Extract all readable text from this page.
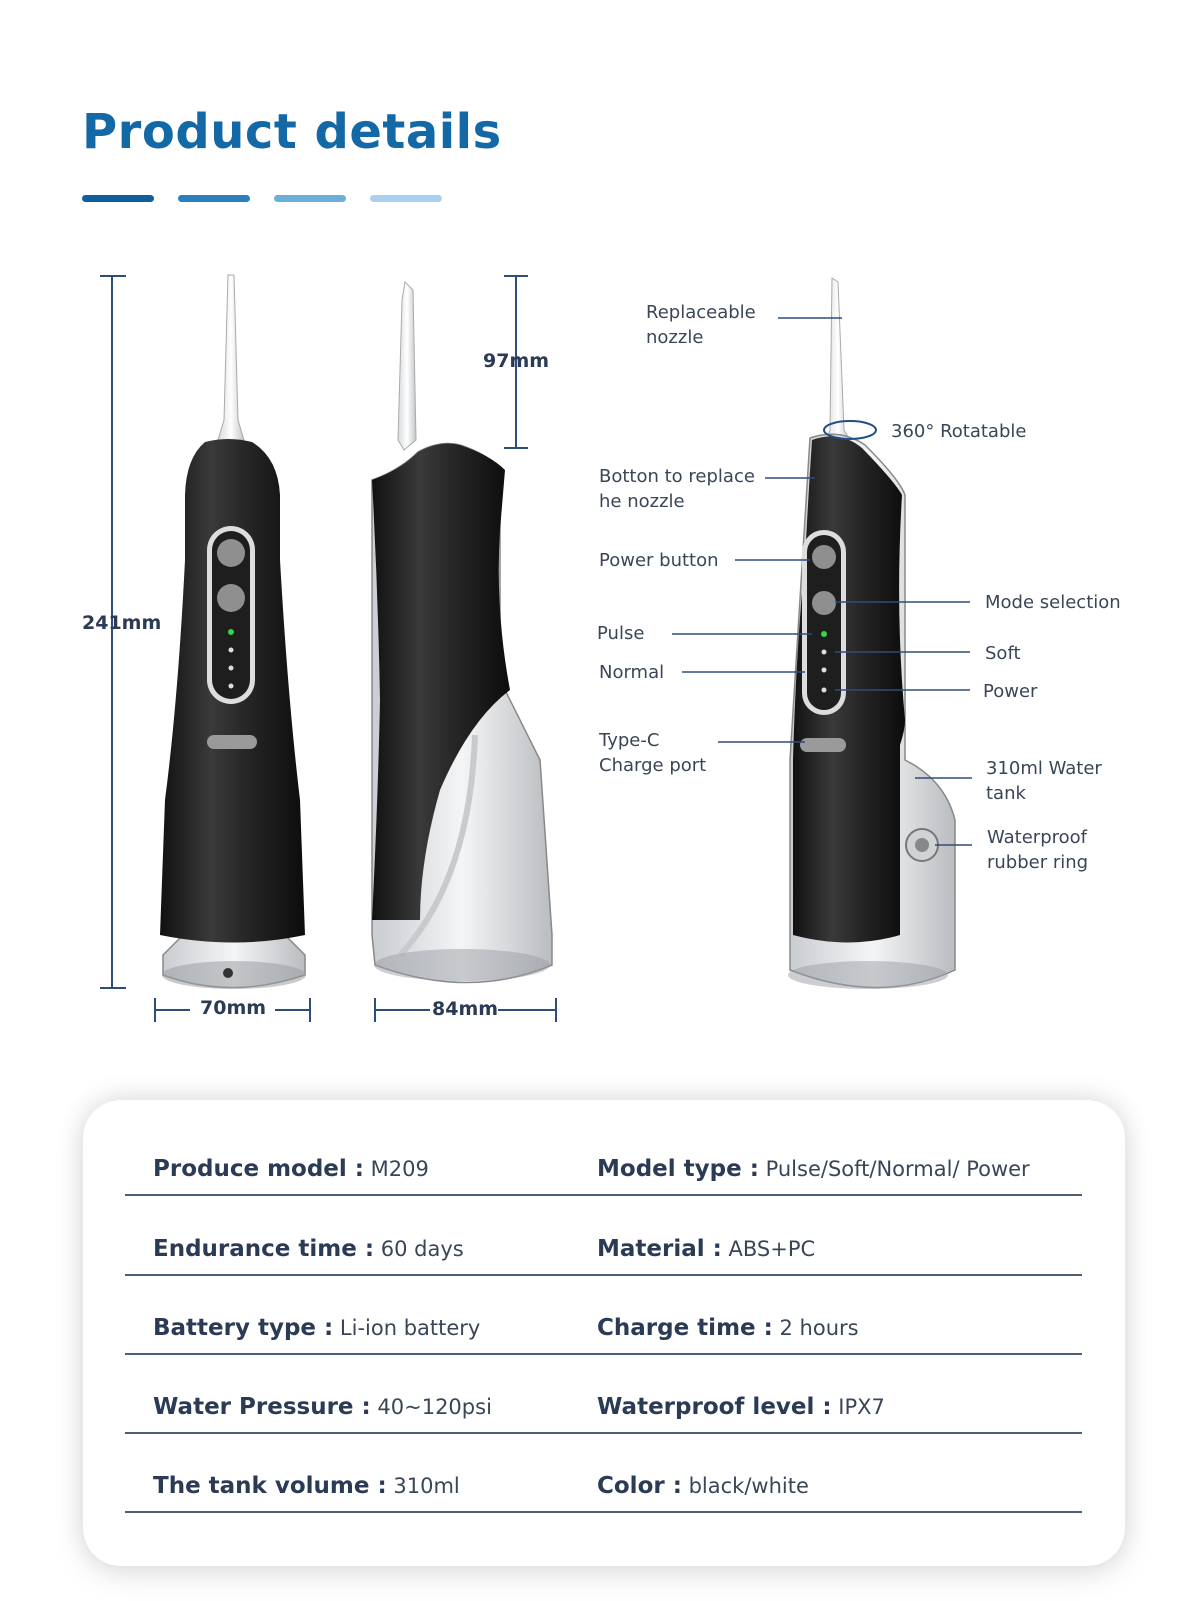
Product details
241mm
97mm
70mm	84mm
Replaceable
nozzle
360° Rotatable
Botton to replace
he nozzle
Power button
Mode selection
Pulse
Soft
Normal
Power
Type-C
Charge port	310ml Water
tank
Waterproof
rubber ring
Produce model : M209	Model type : Pulse/Soft/Normal/ Power
Endurance time : 60 days	Material : ABS+PC
Battery type : Li-ion battery	Charge time : 2 hours
Water Pressure : 40~120psi	Waterproof level : IPX7
The tank volume : 310ml	Color : black/white
